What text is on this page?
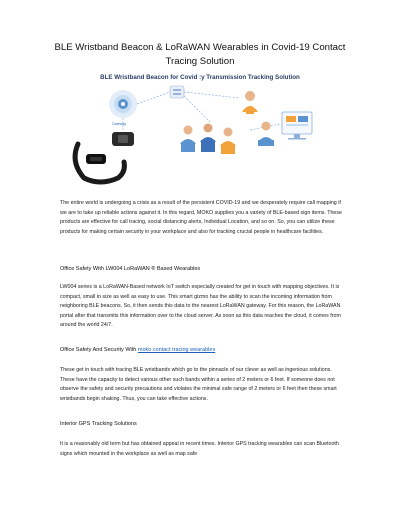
BLE Wristband Beacon & LoRaWAN Wearables in Covid-19 Contact Tracing Solution
BLE Wristband Beacon for Covid :y Transmission Tracking Solution
Gateway

The entire world is undergoing a crisis as a result of the persistent COVID-19 and we desperately require call mapping if we are to take up reliable actions against it. In this regard, MOKO supplies you a variety of BLE-based sign items. These products are effective for call tracing, social distancing alerts, Individual Location, and so on. So, you can utilize these products for making certain security in your workplace and also for tracking crucial people in healthcare facilities.

Office Safety With LW004 LoRaWAN ® Based Wearables

LW004 series is a LoRaWAN-Based network IoT switch especially created for get in touch with mapping objectives. It is compact, small in size as well as easy to use. This smart gizmo has the ability to scan the incoming information from neighboring BLE beacons. So, it then sends this data to the nearest LoRaWAN gateway. For this reason, the LoRaWAN portal after that transmits this information over to the cloud server. As soon as this data reaches the cloud, it comes from around the world 24/7.

Office Safety And Security With moko contact tracing wearables

These get in touch with tracing BLE wristbands which go to the pinnacle of our clever as well as ingenious solutions. These have the capacity to detect various other such bands within a series of 2 meters or 6 feet. If someone does not observe the safety and security precautions and violates the minimal safe range of 2 meters or 6 feet then these smart wristbands begin shaking. Thus, you can take effective actions.

Interior GPS Tracking Solutions

It is a reasonably old term but has obtained appeal in recent times. Interior GPS tracking wearables can scan Bluetooth signs which mounted in the workplace as well as map safe
